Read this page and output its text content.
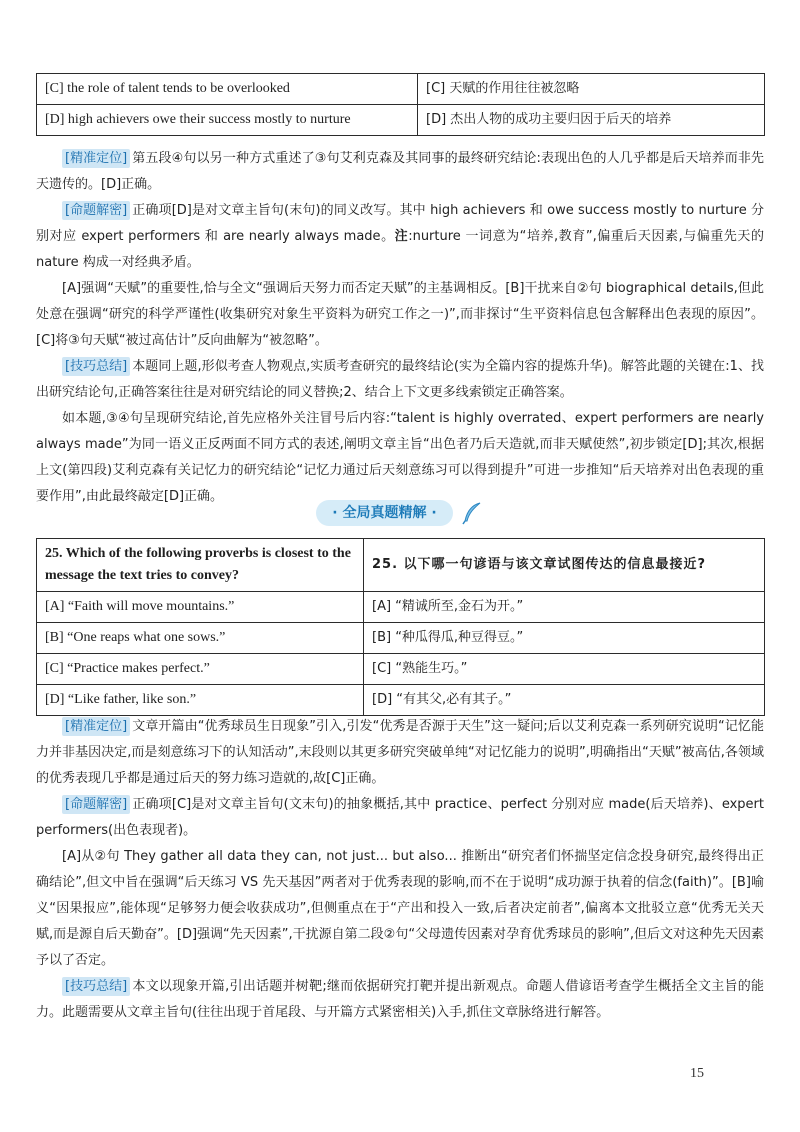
[C] the role of talent tends to be overlooked	[C] 天赋的作用往往被忽略
[D] high achievers owe their success mostly to nurture	[D] 杰出人物的成功主要归因于后天的培养

[精准定位] 第五段④句以另一种方式重述了③句艾利克森及其同事的最终研究结论:表现出色的人几乎都是后天培养而非先天遗传的。[D]正确。

[命题解密] 正确项[D]是对文章主旨句(末句)的同义改写。其中 high achievers 和 owe success mostly to nurture 分别对应 expert performers 和 are nearly always made。注:nurture 一词意为“培养,教育”,偏重后天因素,与偏重先天的 nature 构成一对经典矛盾。

[A]强调“天赋”的重要性,恰与全文“强调后天努力而否定天赋”的主基调相反。[B]干扰来自②句 biographical details,但此处意在强调“研究的科学严谨性(收集研究对象生平资料为研究工作之一)”,而非探讨“生平资料信息包含解释出色表现的原因”。[C]将③句天赋“被过高估计”反向曲解为“被忽略”。

[技巧总结] 本题同上题,形似考查人物观点,实质考查研究的最终结论(实为全篇内容的提炼升华)。解答此题的关键在:1、找出研究结论句,正确答案往往是对研究结论的同义替换;2、结合上下文更多线索锁定正确答案。

如本题,③④句呈现研究结论,首先应格外关注冒号后内容:“talent is highly overrated、expert performers are nearly always made”为同一语义正反两面不同方式的表述,阐明文章主旨“出色者乃后天造就,而非天赋使然”,初步锁定[D];其次,根据上文(第四段)艾利克森有关记忆力的研究结论“记忆力通过后天刻意练习可以得到提升”可进一步推知“后天培养对出色表现的重要作用”,由此最终敲定[D]正确。

· 全局真题精解 ·
25. Which of the following proverbs is closest to the message the text tries to convey?	25. 以下哪一句谚语与该文章试图传达的信息最接近?
[A] “Faith will move mountains.”	[A] “精诚所至,金石为开。”
[B] “One reaps what one sows.”	[B] “种瓜得瓜,种豆得豆。”
[C] “Practice makes perfect.”	[C] “熟能生巧。”
[D] “Like father, like son.”	[D] “有其父,必有其子。”

[精准定位] 文章开篇由“优秀球员生日现象”引入,引发“优秀是否源于天生”这一疑问;后以艾利克森一系列研究说明“记忆能力并非基因决定,而是刻意练习下的认知活动”,末段则以其更多研究突破单纯“对记忆能力的说明”,明确指出“天赋”被高估,各领域的优秀表现几乎都是通过后天的努力练习造就的,故[C]正确。

[命题解密] 正确项[C]是对文章主旨句(文末句)的抽象概括,其中 practice、perfect 分别对应 made(后天培养)、expert performers(出色表现者)。

[A]从②句 They gather all data they can, not just... but also... 推断出“研究者们怀揣坚定信念投身研究,最终得出正确结论”,但文中旨在强调“后天练习 VS 先天基因”两者对于优秀表现的影响,而不在于说明“成功源于执着的信念(faith)”。[B]喻义“因果报应”,能体现“足够努力便会收获成功”,但侧重点在于“产出和投入一致,后者决定前者”,偏离本文批驳立意“优秀无关天赋,而是源自后天勤奋”。[D]强调“先天因素”,干扰源自第二段②句“父母遗传因素对孕育优秀球员的影响”,但后文对这种先天因素予以了否定。

[技巧总结] 本文以现象开篇,引出话题并树靶;继而依据研究打靶并提出新观点。命题人借谚语考查学生概括全文主旨的能力。此题需要从文章主旨句(往往出现于首尾段、与开篇方式紧密相关)入手,抓住文章脉络进行解答。

15
